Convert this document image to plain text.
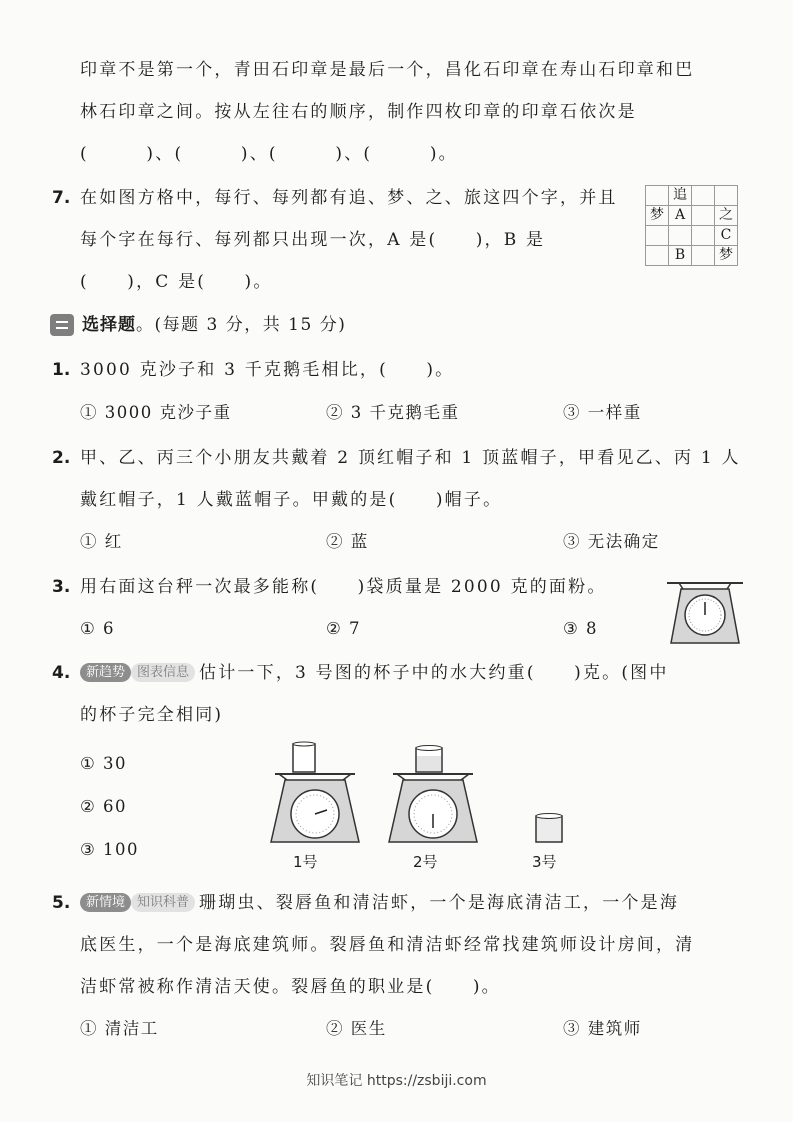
印章不是第一个，青田石印章是最后一个，昌化石印章在寿山石印章和巴
林石印章之间。按从左往右的顺序，制作四枚印章的印章石依次是
(　　　)、(　　　)、(　　　)、(　　　)。
7. 在如图方格中，每行、每列都有追、梦、之、旅这四个字，并且
每个字在每行、每列都只出现一次，A 是(　　)，B 是
(　　)，C 是(　　)。
	追		
梦	A		之
			C
	B		梦
选择题。(每题 3 分，共 15 分)
1. 3000 克沙子和 3 千克鹅毛相比，(　　)。
① 3000 克沙子重	② 3 千克鹅毛重	③ 一样重
2. 甲、乙、丙三个小朋友共戴着 2 顶红帽子和 1 顶蓝帽子，甲看见乙、丙 1 人
戴红帽子，1 人戴蓝帽子。甲戴的是(　　)帽子。
① 红	② 蓝	③ 无法确定
3. 用右面这台秤一次最多能称(　　)袋质量是 2000 克的面粉。
① 6	② 7	③ 8
4.	新趋势 图表信息 估计一下，3 号图的杯子中的水大约重(　　)克。(图中
的杯子完全相同)
① 30
② 60
③ 100
1号	2号	3号
5.	新情境 知识科普 珊瑚虫、裂唇鱼和清洁虾，一个是海底清洁工，一个是海
底医生，一个是海底建筑师。裂唇鱼和清洁虾经常找建筑师设计房间，清
洁虾常被称作清洁天使。裂唇鱼的职业是(　　)。
① 清洁工	② 医生	③ 建筑师
知识笔记 https://zsbiji.com
